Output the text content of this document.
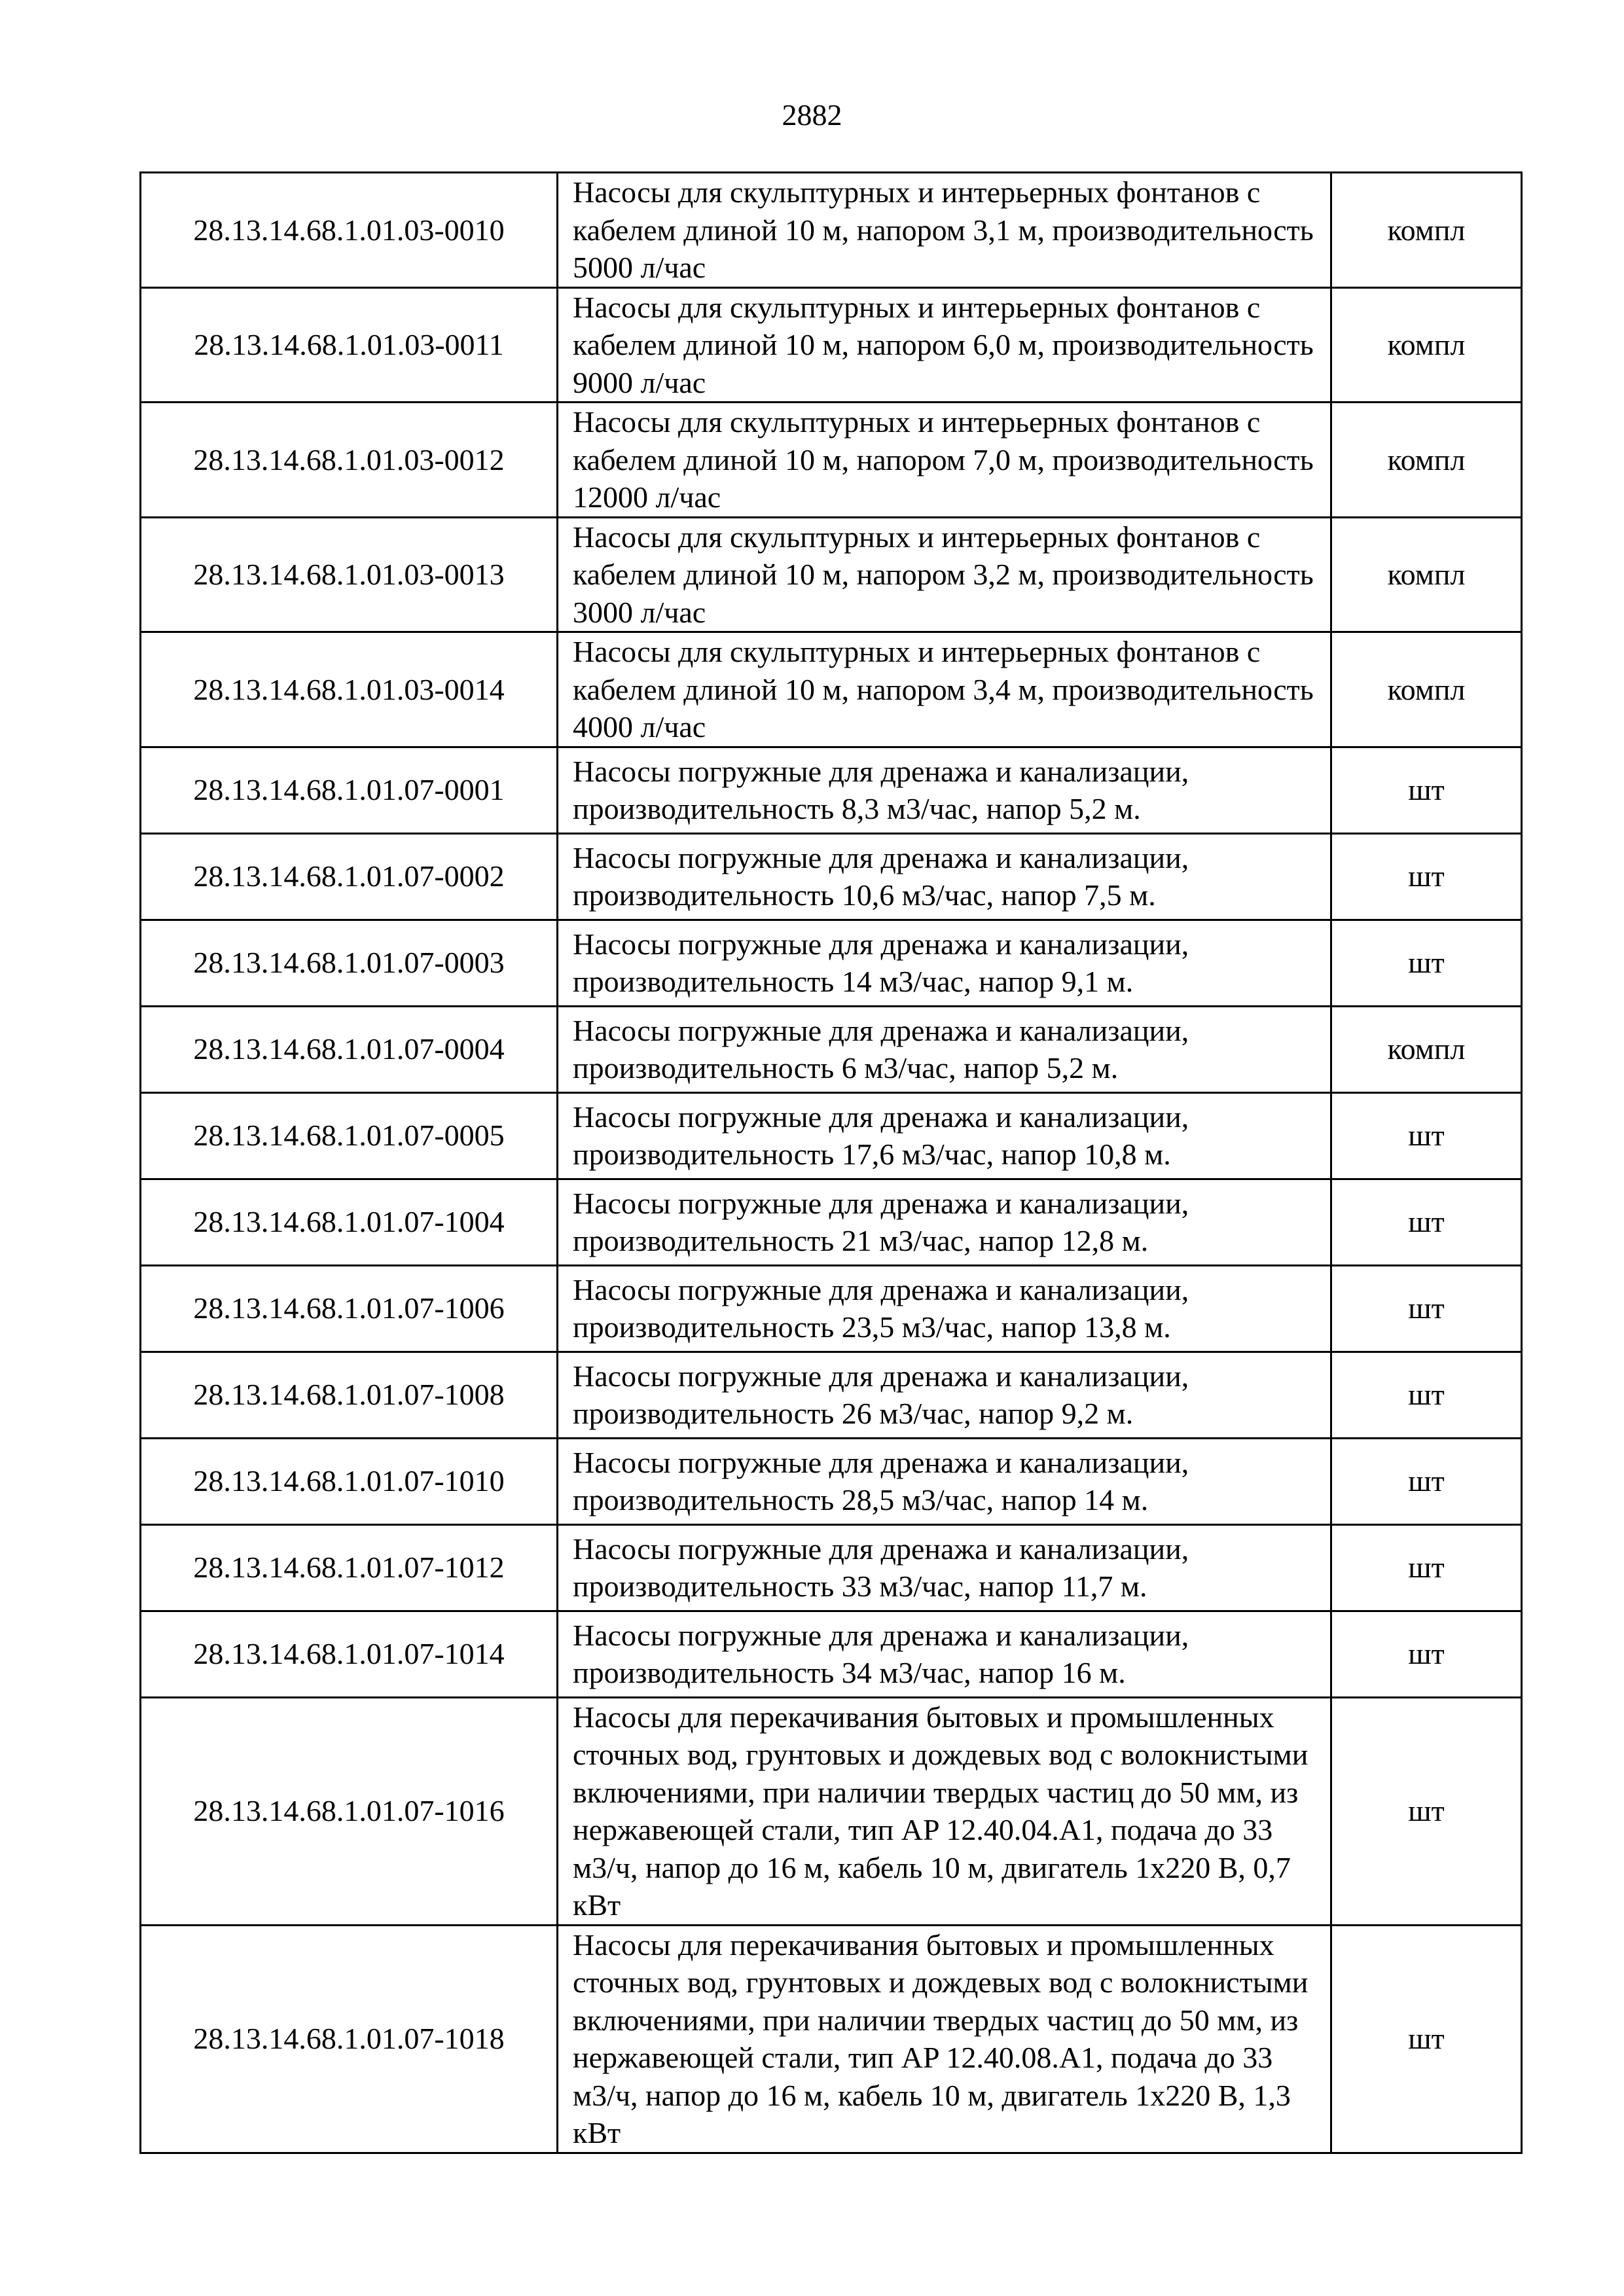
2882
28.13.14.68.1.01.03-0010	Насосы для скульптурных и интерьерных фонтанов с кабелем длиной 10 м, напором 3,1 м, производительность 5000 л/час	компл
28.13.14.68.1.01.03-0011	Насосы для скульптурных и интерьерных фонтанов с кабелем длиной 10 м, напором 6,0 м, производительность 9000 л/час	компл
28.13.14.68.1.01.03-0012	Насосы для скульптурных и интерьерных фонтанов с кабелем длиной 10 м, напором 7,0 м, производительность 12000 л/час	компл
28.13.14.68.1.01.03-0013	Насосы для скульптурных и интерьерных фонтанов с кабелем длиной 10 м, напором 3,2 м, производительность 3000 л/час	компл
28.13.14.68.1.01.03-0014	Насосы для скульптурных и интерьерных фонтанов с кабелем длиной 10 м, напором 3,4 м, производительность 4000 л/час	компл
28.13.14.68.1.01.07-0001	Насосы погружные для дренажа и канализации, производительность 8,3 м3/час, напор 5,2 м.	шт
28.13.14.68.1.01.07-0002	Насосы погружные для дренажа и канализации, производительность 10,6 м3/час, напор 7,5 м.	шт
28.13.14.68.1.01.07-0003	Насосы погружные для дренажа и канализации, производительность 14 м3/час, напор 9,1 м.	шт
28.13.14.68.1.01.07-0004	Насосы погружные для дренажа и канализации, производительность 6 м3/час, напор 5,2 м.	компл
28.13.14.68.1.01.07-0005	Насосы погружные для дренажа и канализации, производительность 17,6 м3/час, напор 10,8 м.	шт
28.13.14.68.1.01.07-1004	Насосы погружные для дренажа и канализации, производительность 21 м3/час, напор 12,8 м.	шт
28.13.14.68.1.01.07-1006	Насосы погружные для дренажа и канализации, производительность 23,5 м3/час, напор 13,8 м.	шт
28.13.14.68.1.01.07-1008	Насосы погружные для дренажа и канализации, производительность 26 м3/час, напор 9,2 м.	шт
28.13.14.68.1.01.07-1010	Насосы погружные для дренажа и канализации, производительность 28,5 м3/час, напор 14 м.	шт
28.13.14.68.1.01.07-1012	Насосы погружные для дренажа и канализации, производительность 33 м3/час, напор 11,7 м.	шт
28.13.14.68.1.01.07-1014	Насосы погружные для дренажа и канализации, производительность 34 м3/час, напор 16 м.	шт
28.13.14.68.1.01.07-1016	Насосы для перекачивания бытовых и промышленных сточных вод, грунтовых и дождевых вод с волокнистыми включениями, при наличии твердых частиц до 50 мм, из нержавеющей стали, тип AP 12.40.04.A1, подача до 33 м3/ч, напор до 16 м, кабель 10 м, двигатель 1х220 В, 0,7 кВт	шт
28.13.14.68.1.01.07-1018	Насосы для перекачивания бытовых и промышленных сточных вод, грунтовых и дождевых вод с волокнистыми включениями, при наличии твердых частиц до 50 мм, из нержавеющей стали, тип AP 12.40.08.A1, подача до 33 м3/ч, напор до 16 м, кабель 10 м, двигатель 1х220 В, 1,3 кВт	шт
